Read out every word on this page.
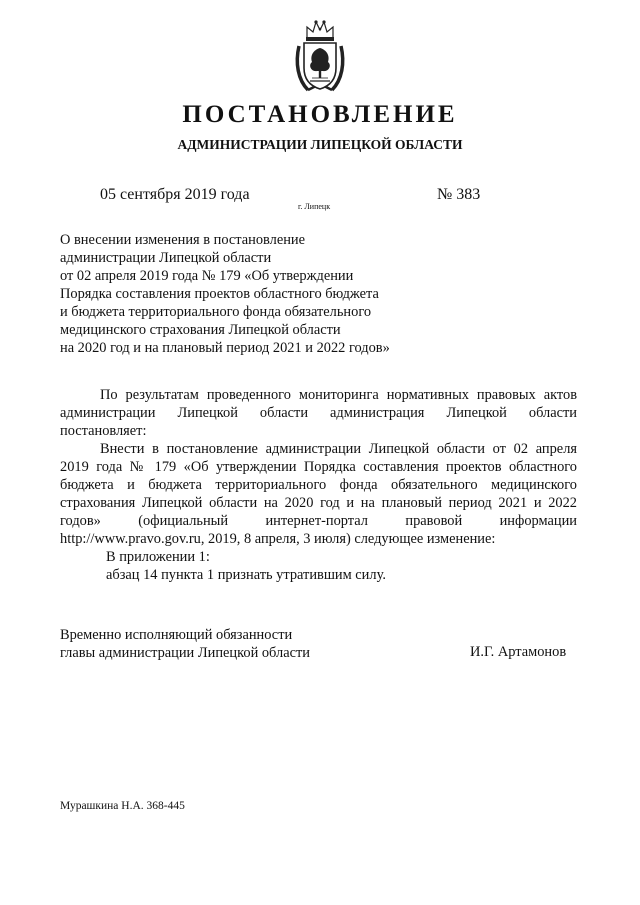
ПОСТАНОВЛЕНИЕ
АДМИНИСТРАЦИИ ЛИПЕЦКОЙ ОБЛАСТИ
05 сентября 2019 года
г. Липецк
№ 383
О внесении изменения в постановление
администрации Липецкой области
от 02 апреля 2019 года № 179 «Об утверждении
Порядка составления проектов областного бюджета
и бюджета территориального фонда обязательного
медицинского страхования Липецкой области
на 2020 год и на плановый период 2021 и 2022 годов»
По результатам проведенного мониторинга нормативных правовых актов
администрации Липецкой области администрация Липецкой области
постановляет:
Внести в постановление администрации Липецкой области от 02 апреля
2019 года № 179 «Об утверждении Порядка составления проектов областного
бюджета и бюджета территориального фонда обязательного медицинского
страхования Липецкой области на 2020 год и на плановый период 2021 и 2022
годов» (официальный интернет-портал правовой информации
http://www.pravo.gov.ru, 2019, 8 апреля, 3 июля) следующее изменение:
В приложении 1:
абзац 14 пункта 1 признать утратившим силу.
Временно исполняющий обязанности
главы администрации Липецкой области	И.Г. Артамонов
Мурашкина Н.А. 368-445
